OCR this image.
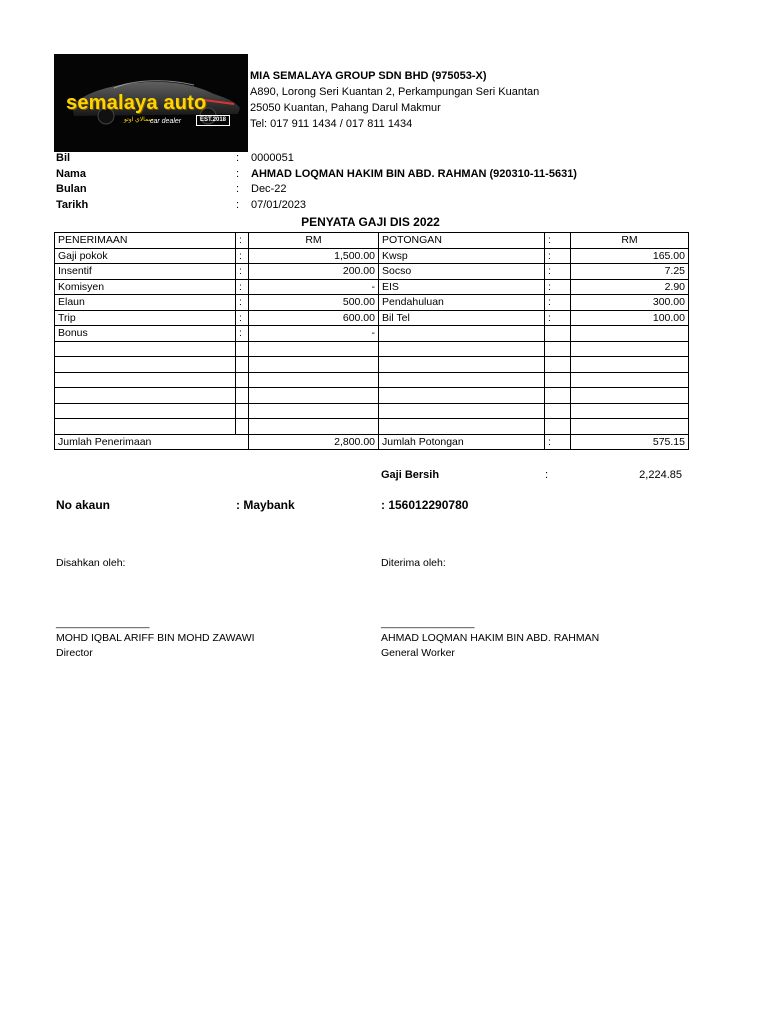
semalaya auto
سمالاي اوتو
car dealer	EST.2018
MIA SEMALAYA GROUP SDN BHD (975053-X)
A890, Lorong Seri Kuantan 2, Perkampungan Seri Kuantan
25050 Kuantan, Pahang Darul Makmur
Tel: 017 911 1434 / 017 811 1434
Bil	: 0000051
Nama	: AHMAD LOQMAN HAKIM BIN ABD. RAHMAN (920310-11-5631)
Bulan	: Dec-22
Tarikh	: 07/01/2023
PENYATA GAJI DIS 2022
PENERIMAAN	:	RM	POTONGAN	:	RM
Gaji pokok	:	1,500.00	Kwsp	:	165.00
Insentif	:	200.00	Socso	:	7.25
Komisyen	:	-	EIS	:	2.90
Elaun	:	500.00	Pendahuluan	:	300.00
Trip	:	600.00	Bil Tel	:	100.00
Bonus	:	-			

Jumlah Penerimaan		2,800.00	Jumlah Potongan	:	575.15
Gaji Bersih	:	2,224.85
No akaun	: Maybank	: 156012290780
Disahkan oleh:	Diterima oleh:
________________	________________
MOHD IQBAL ARIFF BIN MOHD ZAWAWI	AHMAD LOQMAN HAKIM BIN ABD. RAHMAN
Director	General Worker
